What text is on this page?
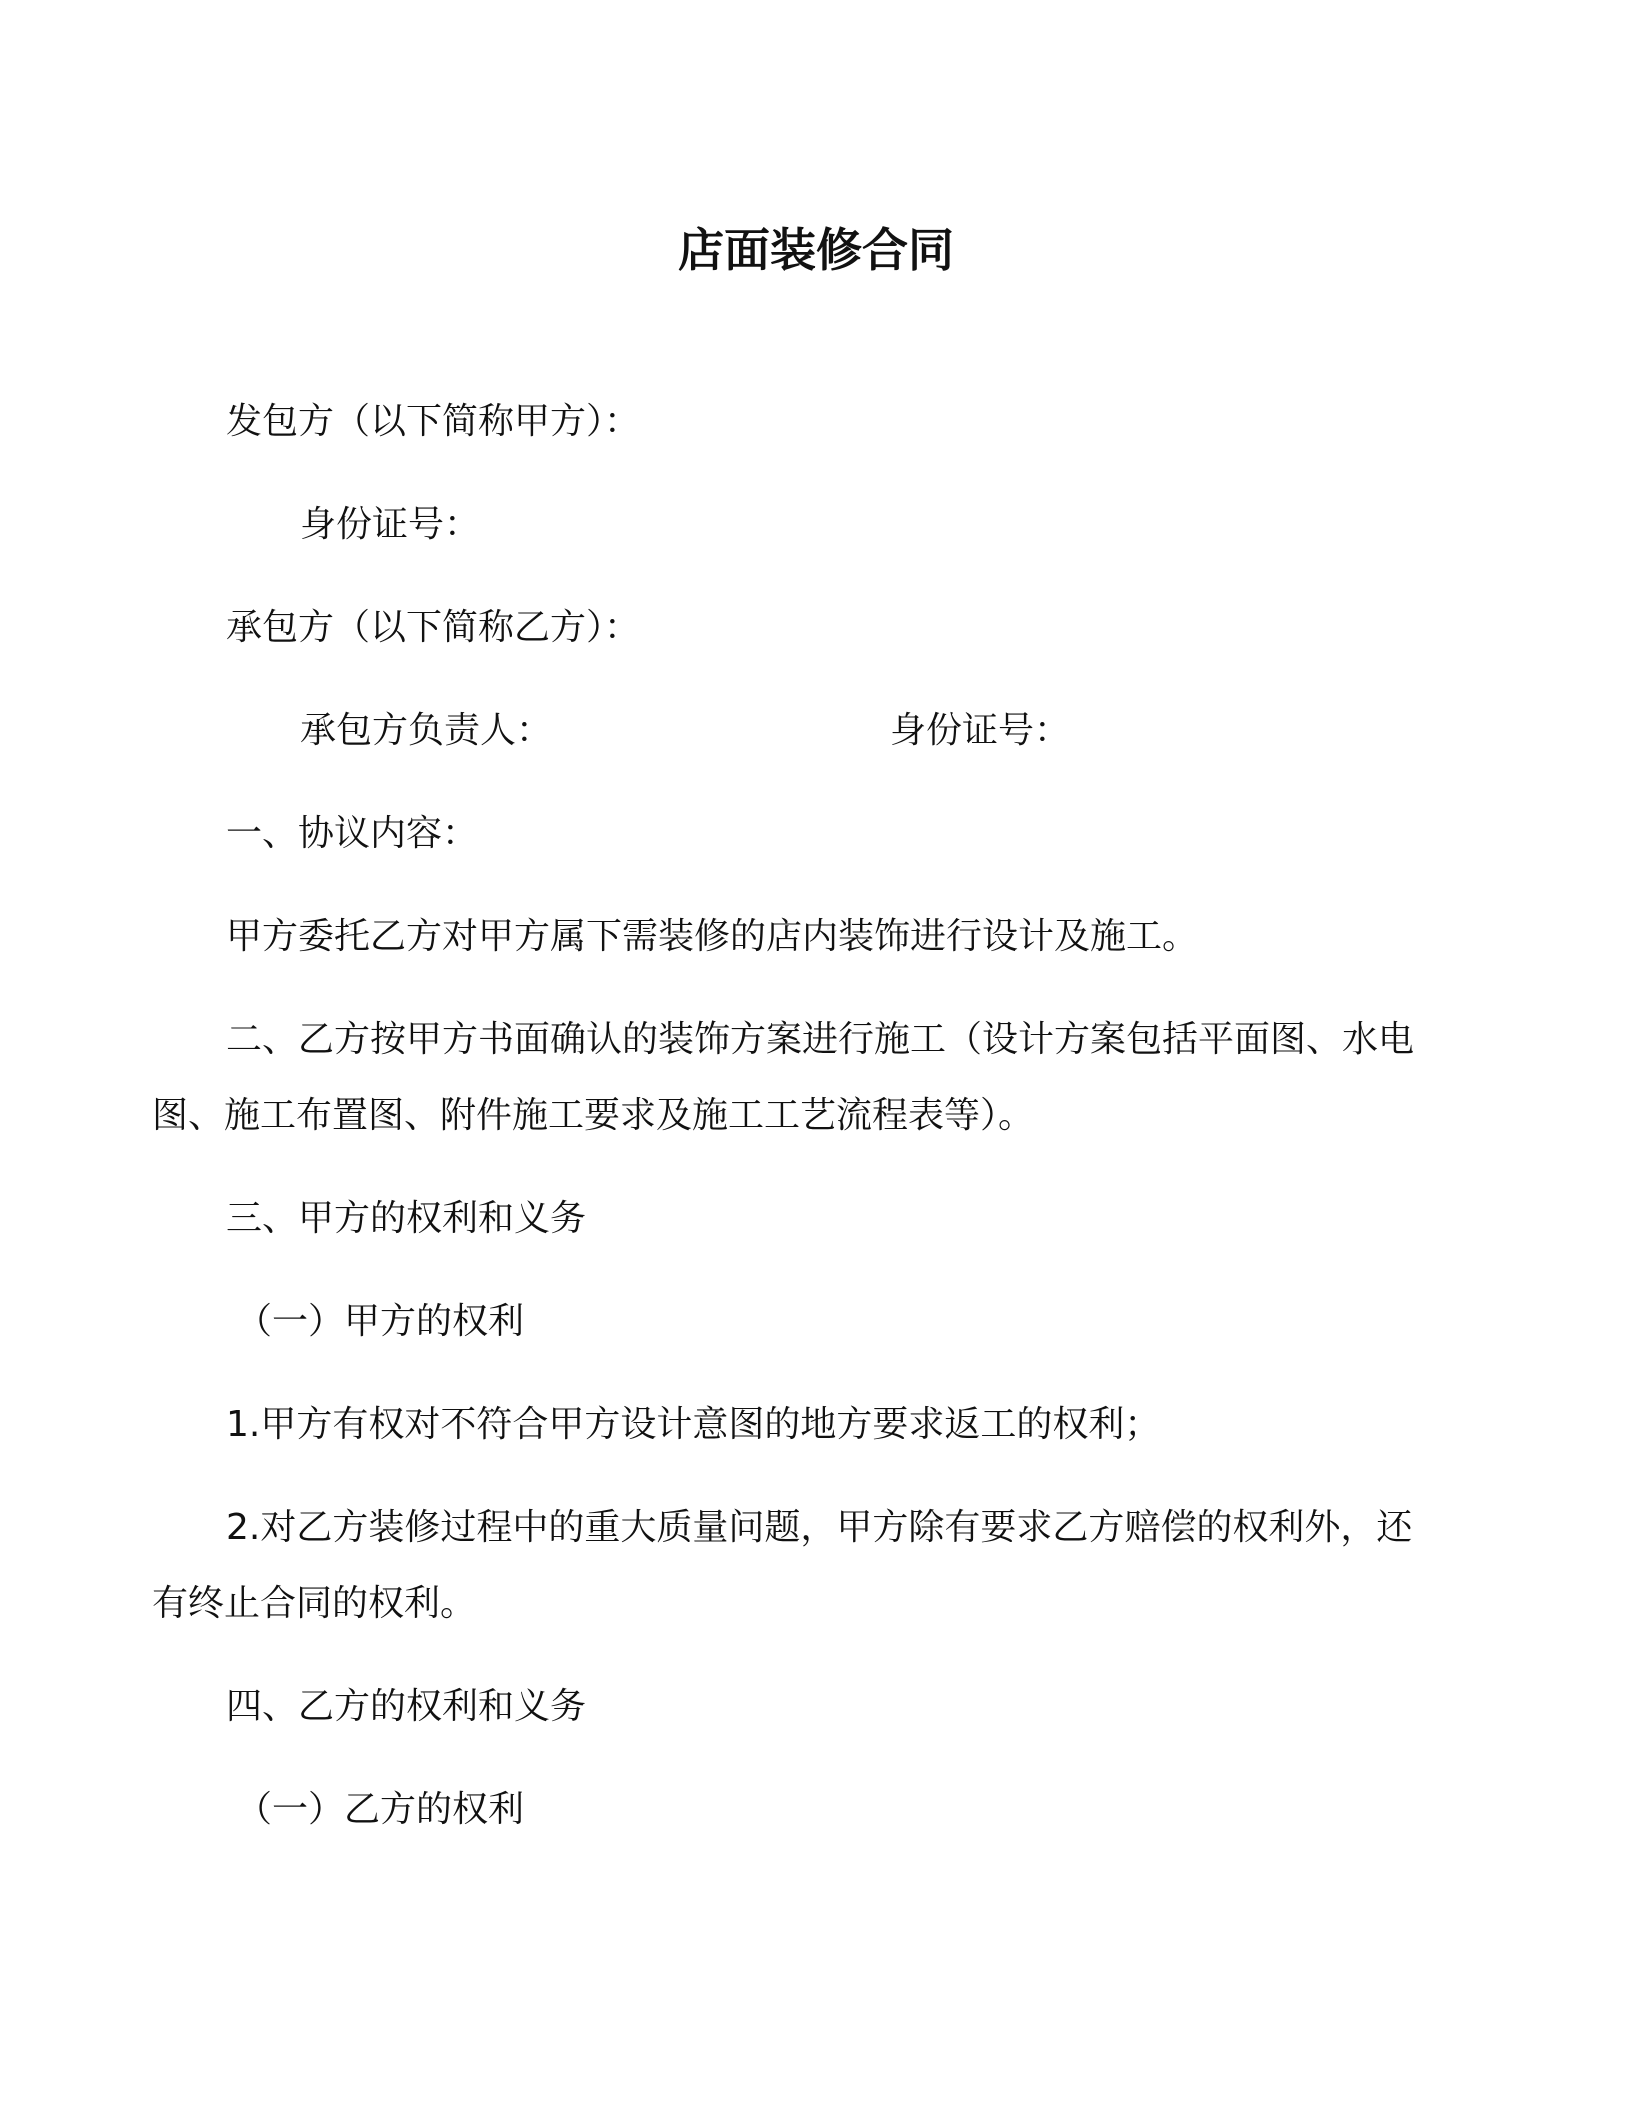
店面装修合同
发包方（以下简称甲方）：
身份证号：
承包方（以下简称乙方）：
承包方负责人：	身份证号：
一、协议内容：
甲方委托乙方对甲方属下需装修的店内装饰进行设计及施工。
二、乙方按甲方书面确认的装饰方案进行施工（设计方案包括平面图、水电
图、施工布置图、附件施工要求及施工工艺流程表等）。
三、甲方的权利和义务
（一）甲方的权利
1.甲方有权对不符合甲方设计意图的地方要求返工的权利；
2.对乙方装修过程中的重大质量问题，甲方除有要求乙方赔偿的权利外，还
有终止合同的权利。
四、乙方的权利和义务
（一）乙方的权利
